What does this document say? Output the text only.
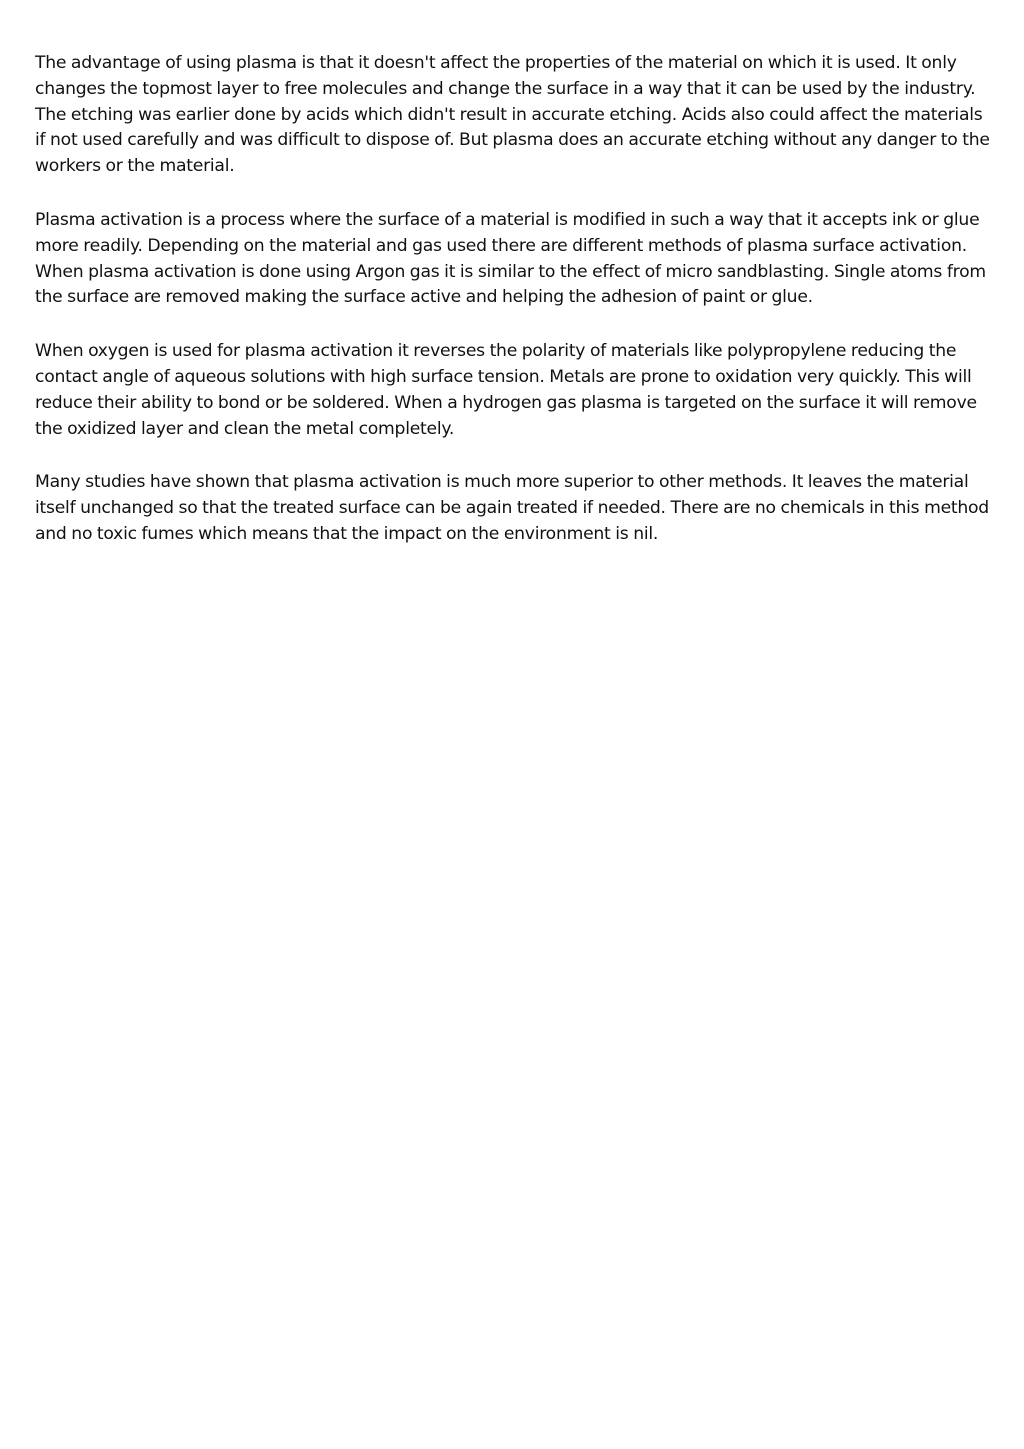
The advantage of using plasma is that it doesn't affect the properties of the material on which it is used. It only changes the topmost layer to free molecules and change the surface in a way that it can be used by the industry. The etching was earlier done by acids which didn't result in accurate etching. Acids also could affect the materials if not used carefully and was difficult to dispose of. But plasma does an accurate etching without any danger to the workers or the material.

Plasma activation is a process where the surface of a material is modified in such a way that it accepts ink or glue more readily. Depending on the material and gas used there are different methods of plasma surface activation. When plasma activation is done using Argon gas it is similar to the effect of micro sandblasting. Single atoms from the surface are removed making the surface active and helping the adhesion of paint or glue.

When oxygen is used for plasma activation it reverses the polarity of materials like polypropylene reducing the contact angle of aqueous solutions with high surface tension. Metals are prone to oxidation very quickly. This will reduce their ability to bond or be soldered. When a hydrogen gas plasma is targeted on the surface it will remove the oxidized layer and clean the metal completely.

Many studies have shown that plasma activation is much more superior to other methods. It leaves the material itself unchanged so that the treated surface can be again treated if needed. There are no chemicals in this method and no toxic fumes which means that the impact on the environment is nil.
